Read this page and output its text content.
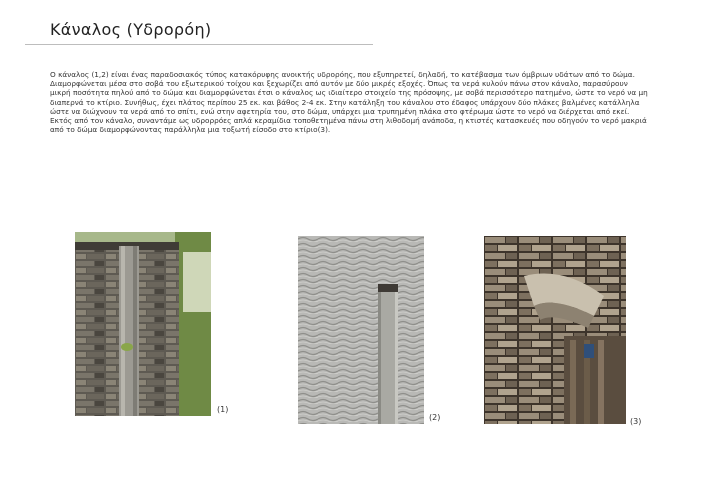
Κάναλος (Υδρορόη)

Ο κάναλος (1,2) είναι ένας παραδοσιακός τύπος κατακόρυφης ανοικτής υδρορόης, που εξυπηρετεί, δηλαδή, το κατέβασμα των όμβριων υδάτων από το δώμα. Διαμορφώνεται μέσα στο σοβά του εξωτερικού τοίχου και ξεχωρίζει από αυτόν με δύο μικρές εξοχές. Όπως τα νερά κυλούν πάνω στον κάναλο, παρασύρουν μικρή ποσότητα πηλού από το δώμα και διαμορφώνεται έτσι ο κάναλος ως ιδιαίτερο στοιχείο της πρόσοψης, με σοβά περισσότερο πατημένο, ώστε το νερό να μη διαπερνά το κτίριο. Συνήθως, έχει πλάτος περίπου 25 εκ. και βάθος 2-4 εκ. Στην κατάληξη του κάναλου στο έδαφος υπάρχουν δύο πλάκες βαλμένες κατάλληλα ώστε να διώχνουν τα νερά από το σπίτι, ενώ στην αφετηρία του, στο δώμα, υπάρχει μια τρυπημένη πλάκα στο φτέρωμα ώστε το νερό να διέρχεται από εκεί.

Εκτός από τον κάναλο, συναντάμε ως υδρορρόες απλά κεραμίδια τοποθετημένα πάνω στη λιθοδομή ανάποδα, η κτιστές κατασκευές που οδηγούν το νερό μακριά από το δώμα διαμορφώνοντας παράλληλα μια τοξωτή είσοδο στο κτίριο(3).

(1)
(2)	(3)
